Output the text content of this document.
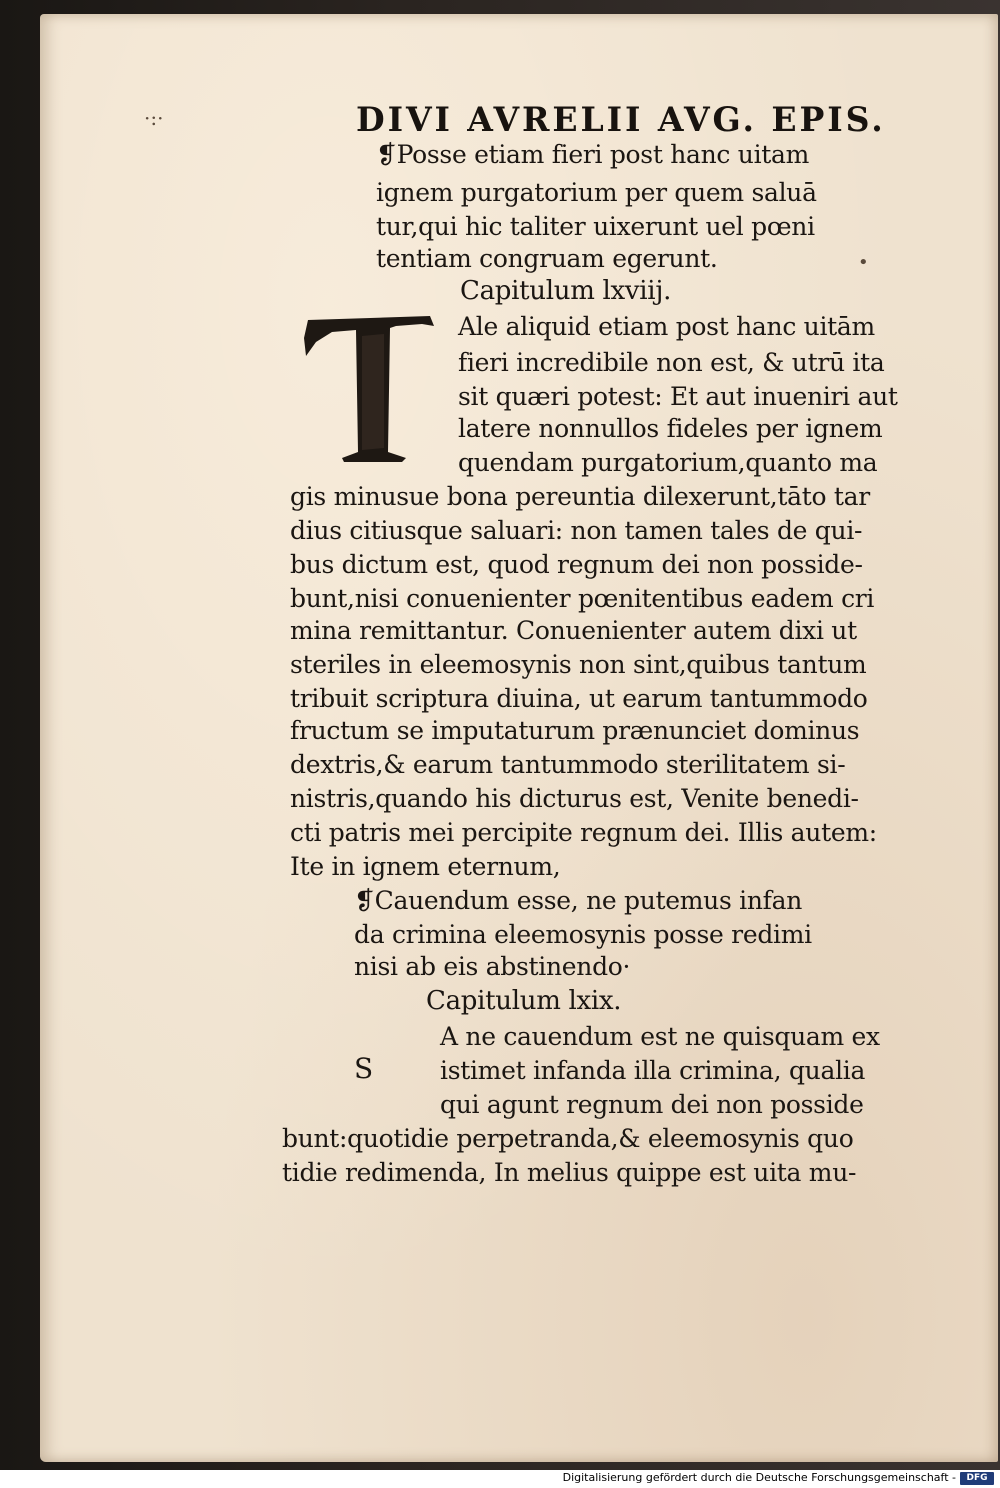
·:·
•
DIVI AVRELII AVG. EPIS.
❡Posse etiam fieri post hanc uitam
ignem purgatorium per quem saluā
tur,qui hic taliter uixerunt uel pœni
tentiam congruam egerunt.
Capitulum lxviij.
Ale aliquid etiam post hanc uitām
fieri incredibile non est, & utrū ita
sit quæri potest: Et aut inueniri aut
latere nonnullos fideles per ignem
quendam purgatorium,quanto ma
gis minusue bona pereuntia dilexerunt,tāto tar
dius citiusque saluari: non tamen tales de qui-
bus dictum est, quod regnum dei non posside-
bunt,nisi conuenienter pœnitentibus eadem cri
mina remittantur. Conuenienter autem dixi ut
steriles in eleemosynis non sint,quibus tantum
tribuit scriptura diuina, ut earum tantummodo
fructum se imputaturum prænunciet dominus
dextris,& earum tantummodo sterilitatem si-
nistris,quando his dicturus est, Venite benedi-
cti patris mei percipite regnum dei. Illis autem:
Ite in ignem eternum,
❡Cauendum esse, ne putemus infan
da crimina eleemosynis posse redimi
nisi ab eis abstinendo·
Capitulum lxix.
S
A ne cauendum est ne quisquam ex
istimet infanda illa crimina, qualia
qui agunt regnum dei non posside
bunt:quotidie perpetranda,& eleemosynis quo
tidie redimenda, In melius quippe est uita mu-
Digitalisierung gefördert durch die Deutsche Forschungsgemeinschaft -	DFG
